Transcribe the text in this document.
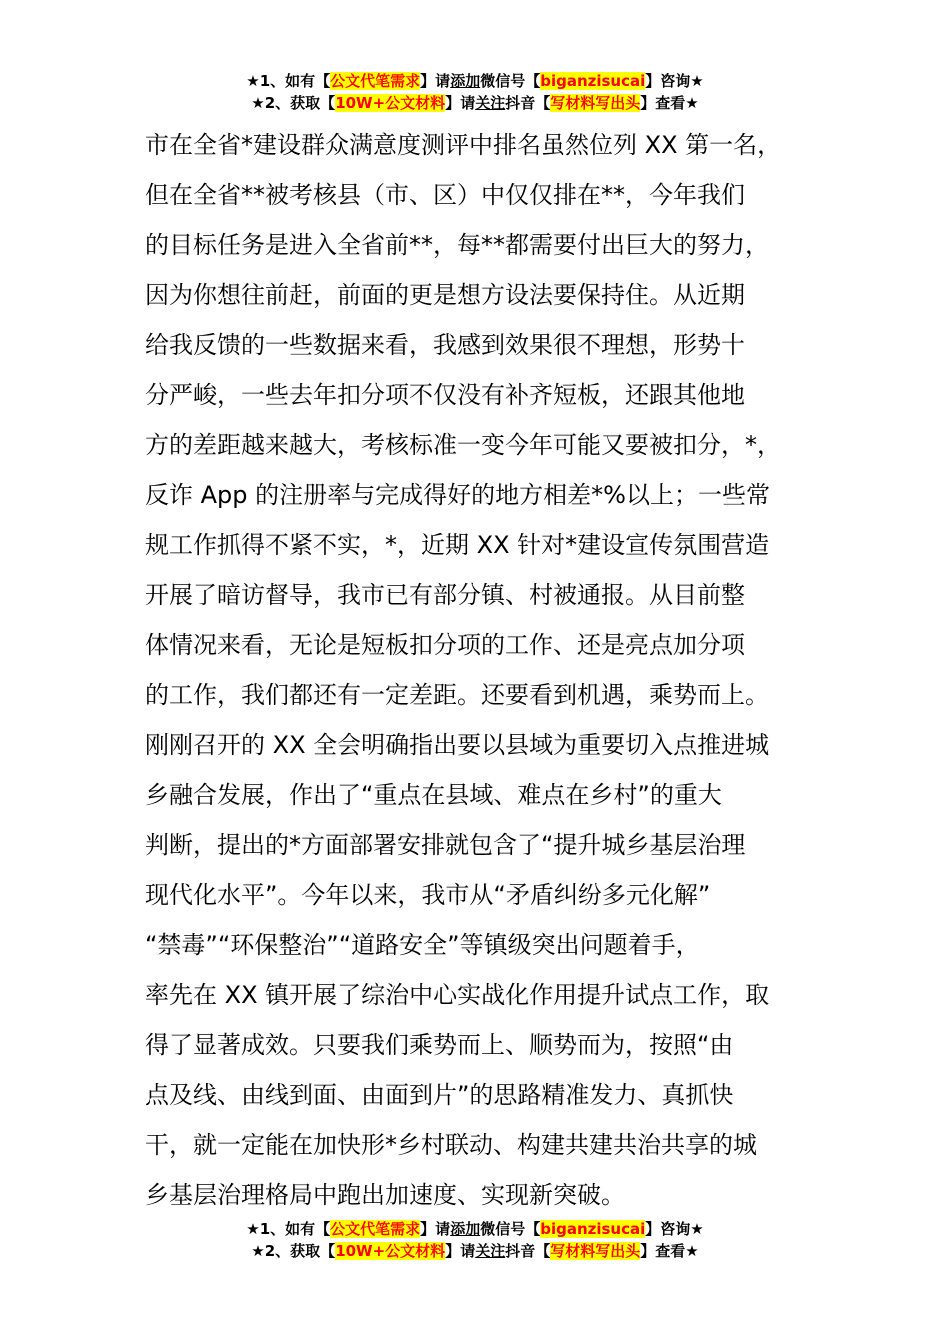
★1、如有【公文代笔需求】请添加微信号【biganzisucai】咨询★
★2、获取【10W+公文材料】请关注抖音【写材料写出头】查看★
市在全省*建设群众满意度测评中排名虽然位列 XX 第一名，
但在全省**被考核县（市、区）中仅仅排在**，今年我们
的目标任务是进入全省前**，每**都需要付出巨大的努力，
因为你想往前赶，前面的更是想方设法要保持住。从近期
给我反馈的一些数据来看，我感到效果很不理想，形势十
分严峻，一些去年扣分项不仅没有补齐短板，还跟其他地
方的差距越来越大，考核标准一变今年可能又要被扣分，*，
反诈 App 的注册率与完成得好的地方相差*%以上；一些常
规工作抓得不紧不实，*，近期 XX 针对*建设宣传氛围营造
开展了暗访督导，我市已有部分镇、村被通报。从目前整
体情况来看，无论是短板扣分项的工作、还是亮点加分项
的工作，我们都还有一定差距。还要看到机遇，乘势而上。
刚刚召开的 XX 全会明确指出要以县域为重要切入点推进城
乡融合发展，作出了“重点在县域、难点在乡村”的重大
判断，提出的*方面部署安排就包含了“提升城乡基层治理
现代化水平”。今年以来，我市从“矛盾纠纷多元化解”
“禁毒”“环保整治”“道路安全”等镇级突出问题着手，
率先在 XX 镇开展了综治中心实战化作用提升试点工作，取
得了显著成效。只要我们乘势而上、顺势而为，按照“由
点及线、由线到面、由面到片”的思路精准发力、真抓快
干，就一定能在加快形*乡村联动、构建共建共治共享的城
乡基层治理格局中跑出加速度、实现新突破。
★1、如有【公文代笔需求】请添加微信号【biganzisucai】咨询★
★2、获取【10W+公文材料】请关注抖音【写材料写出头】查看★
